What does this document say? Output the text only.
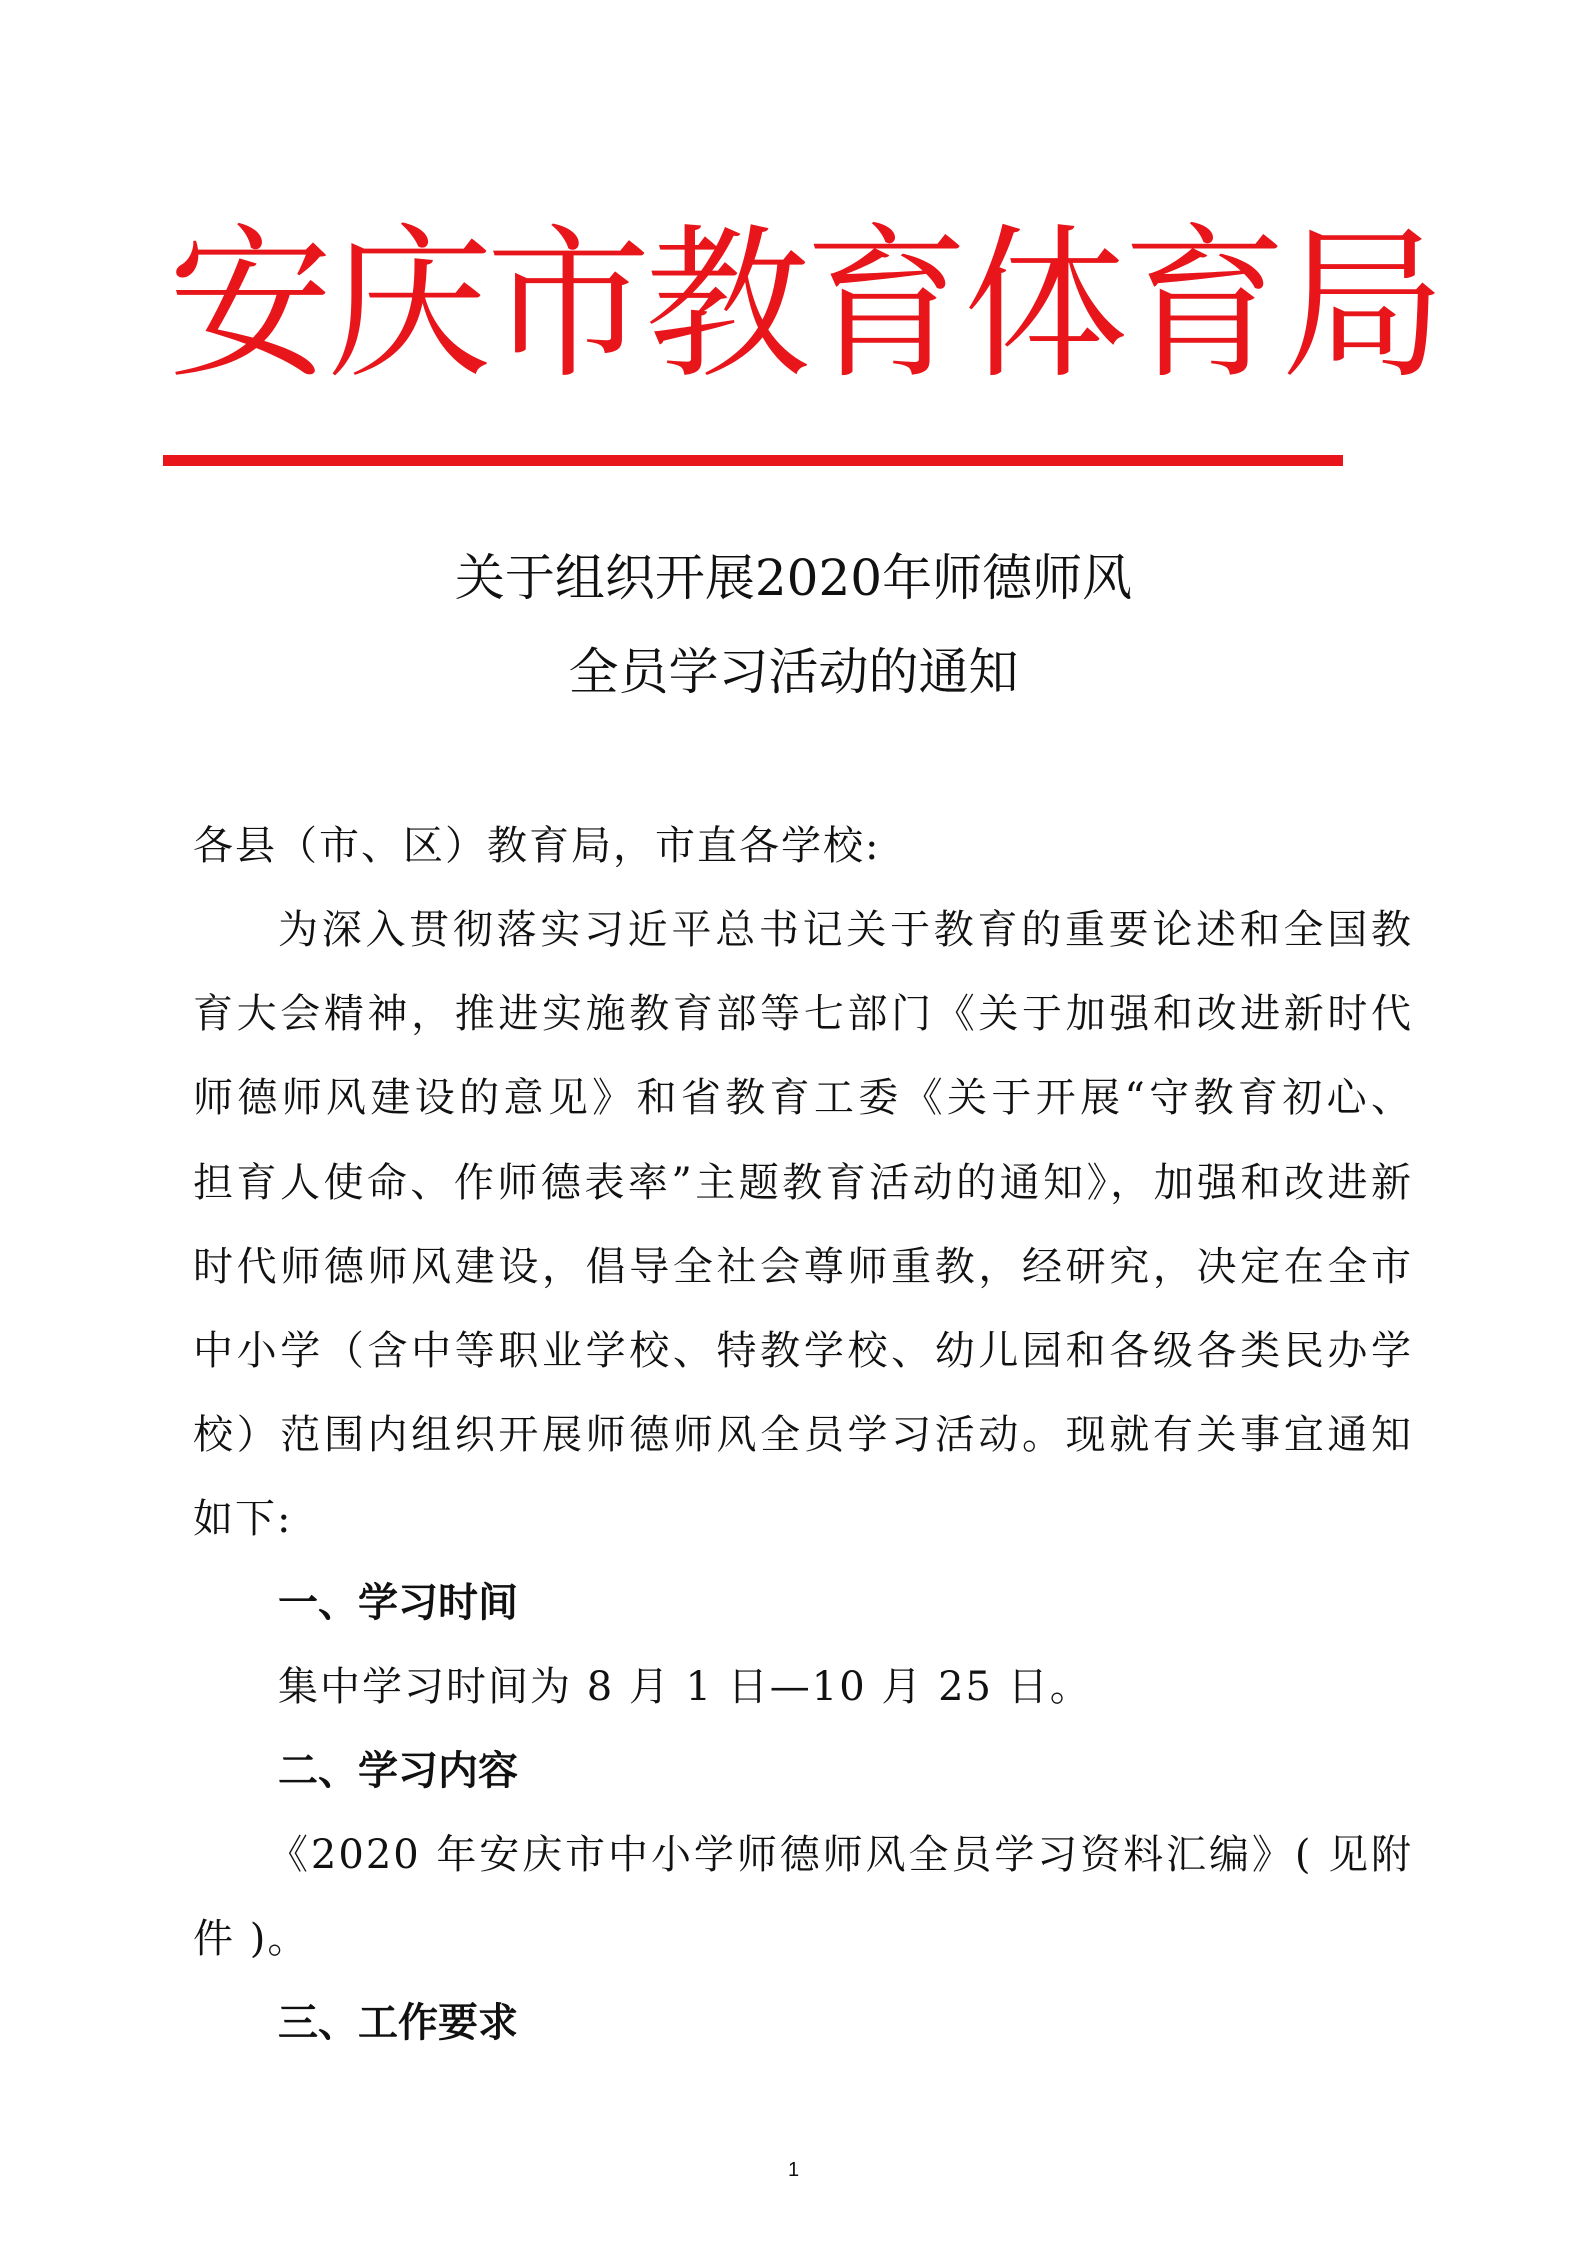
安庆市教育体育局
关于组织开展2020年师德师风
全员学习活动的通知
各县（市、区）教育局，市直各学校:
为深入贯彻落实习近平总书记关于教育的重要论述和全国教
育大会精神，推进实施教育部等七部门《关于加强和改进新时代
师德师风建设的意见》和省教育工委《关于开展“守教育初心、
担育人使命、作师德表率”主题教育活动的通知》，加强和改进新
时代师德师风建设，倡导全社会尊师重教，经研究，决定在全市
中小学（含中等职业学校、特教学校、幼儿园和各级各类民办学
校）范围内组织开展师德师风全员学习活动。现就有关事宜通知
如下:
一、学习时间
集中学习时间为 8 月 1 日—10 月 25 日。
二、学习内容
《2020 年安庆市中小学师德师风全员学习资料汇编》( 见附
件 )。
三、工作要求
1
